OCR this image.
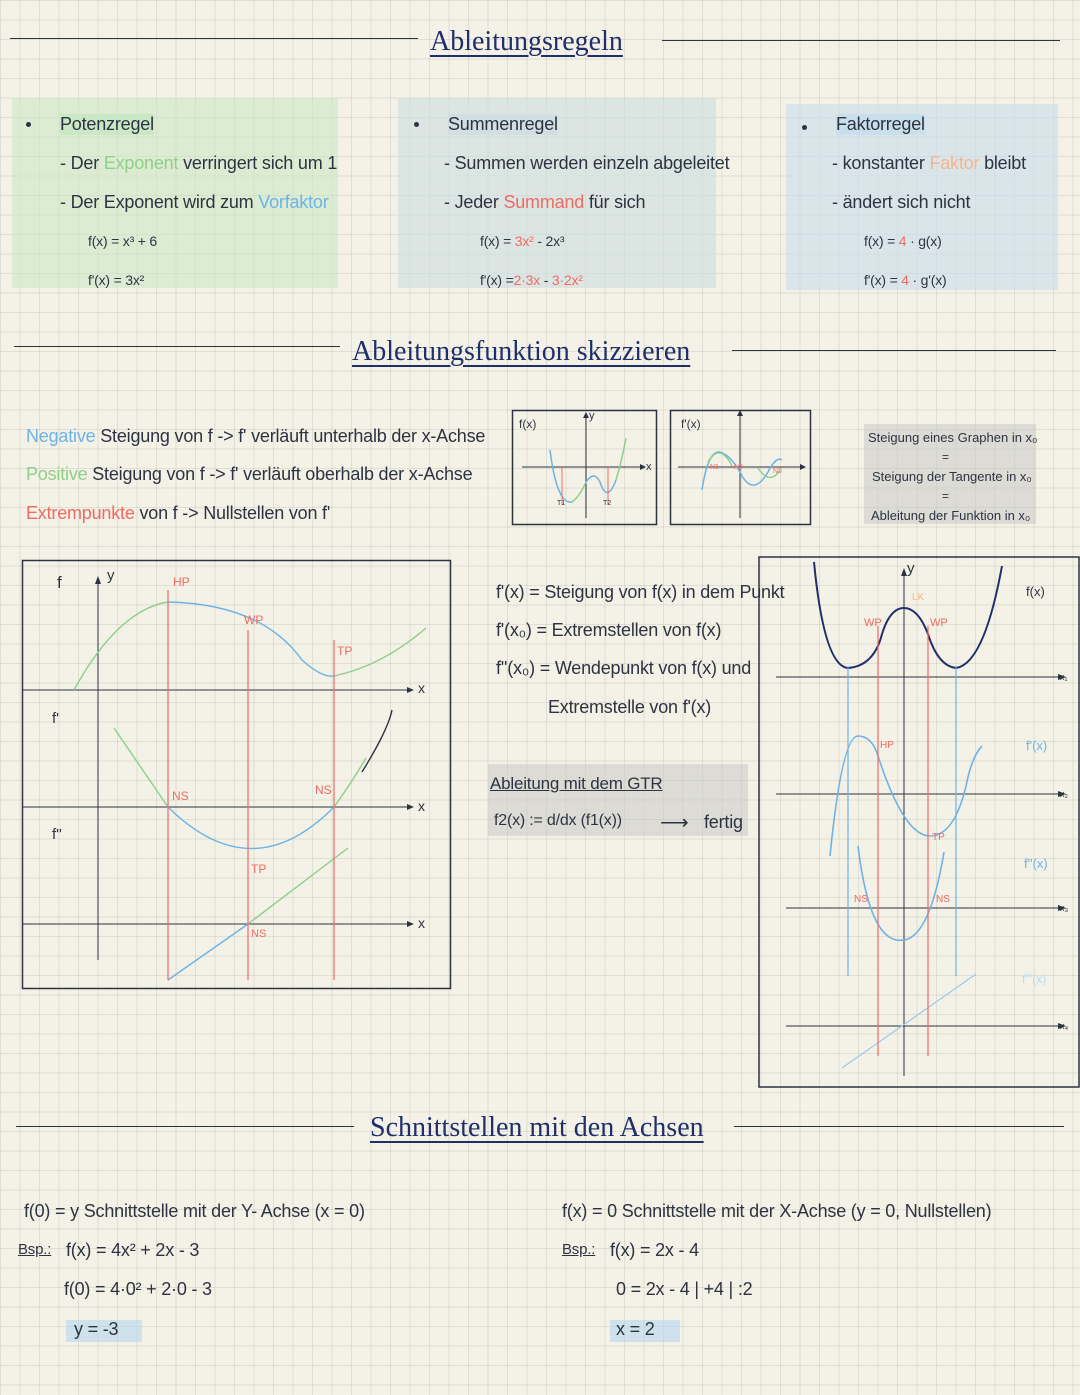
Ableitungsregeln
Potenzregel
- Der Exponent verringert sich um 1
- Der Exponent wird zum Vorfaktor
f(x) = x³ + 6
f'(x) = 3x²
Summenregel
- Summen werden einzeln abgeleitet
- Jeder Summand für sich
f(x) = 3x² - 2x³
f'(x) =2·3x - 3·2x²
Faktorregel
- konstanter Faktor bleibt
- ändert sich nicht
f(x) = 4 · g(x)
f'(x) = 4 · g'(x)
Ableitungsfunktion skizzieren
Negative Steigung von f -> f' verläuft unterhalb der x-Achse
Positive Steigung von f -> f' verläuft oberhalb der x-Achse
Extrempunkte von f -> Nullstellen von f'
f(x)
y
x
T1	T2
f'(x)
N1 N2
N3
Steigung eines Graphen in x₀
=
Steigung der Tangente in x₀
=
Ableitung der Funktion in x₀
f	y
f'
f''
x
x
x
HP
WP
TP
NS	NS
TP
NS
f'(x) = Steigung von f(x) in dem Punkt
f'(x₀) = Extremstellen von f(x)
f''(x₀) = Wendepunkt von f(x) und
Extremstelle von f'(x)
Ableitung mit dem GTR
f2(x) := d/dx (f1(x)) ⟶ fertig
y
f(x)
f'(x)
f''(x)
f'''(x)
LK
WP	WP
HP
TP
NS	NS
x₁
x₂
x₃
x₄
Schnittstellen mit den Achsen
f(0) = y Schnittstelle mit der Y- Achse (x = 0)
Bsp.: f(x) = 4x² + 2x - 3
f(0) = 4·0² + 2·0 - 3
y = -3
f(x) = 0 Schnittstelle mit der X-Achse (y = 0, Nullstellen)
Bsp.: f(x) = 2x - 4
0 = 2x - 4 | +4 | :2
x = 2
